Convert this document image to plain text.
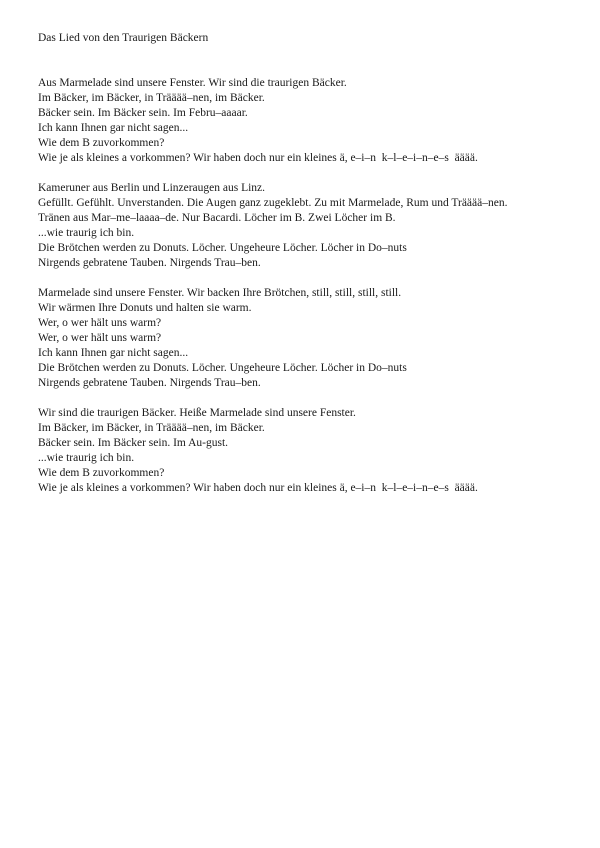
Das Lied von den Traurigen Bäckern

Aus Marmelade sind unsere Fenster. Wir sind die traurigen Bäcker.

Im Bäcker, im Bäcker, in Trääää–nen, im Bäcker.

Bäcker sein. Im Bäcker sein. Im Febru–aaaar.

Ich kann Ihnen gar nicht sagen...

Wie dem B zuvorkommen?

Wie je als kleines a vorkommen? Wir haben doch nur ein kleines ä, e–i–n  k–l–e–i–n–e–s  ääää.

Kameruner aus Berlin und Linzeraugen aus Linz.

Gefüllt. Gefühlt. Unverstanden. Die Augen ganz zugeklebt. Zu mit Marmelade, Rum und Trääää–nen.

Tränen aus Mar–me–laaaa–de. Nur Bacardi. Löcher im B. Zwei Löcher im B.

...wie traurig ich bin.

Die Brötchen werden zu Donuts. Löcher. Ungeheure Löcher. Löcher in Do–nuts

Nirgends gebratene Tauben. Nirgends Trau–ben.

Marmelade sind unsere Fenster. Wir backen Ihre Brötchen, still, still, still, still.

Wir wärmen Ihre Donuts und halten sie warm.

Wer, o wer hält uns warm?

Wer, o wer hält uns warm?

Ich kann Ihnen gar nicht sagen...

Die Brötchen werden zu Donuts. Löcher. Ungeheure Löcher. Löcher in Do–nuts

Nirgends gebratene Tauben. Nirgends Trau–ben.

Wir sind die traurigen Bäcker. Heiße Marmelade sind unsere Fenster.

Im Bäcker, im Bäcker, in Trääää–nen, im Bäcker.

Bäcker sein. Im Bäcker sein. Im Au-gust.

...wie traurig ich bin.

Wie dem B zuvorkommen?

Wie je als kleines a vorkommen? Wir haben doch nur ein kleines ä, e–i–n  k–l–e–i–n–e–s  ääää.
